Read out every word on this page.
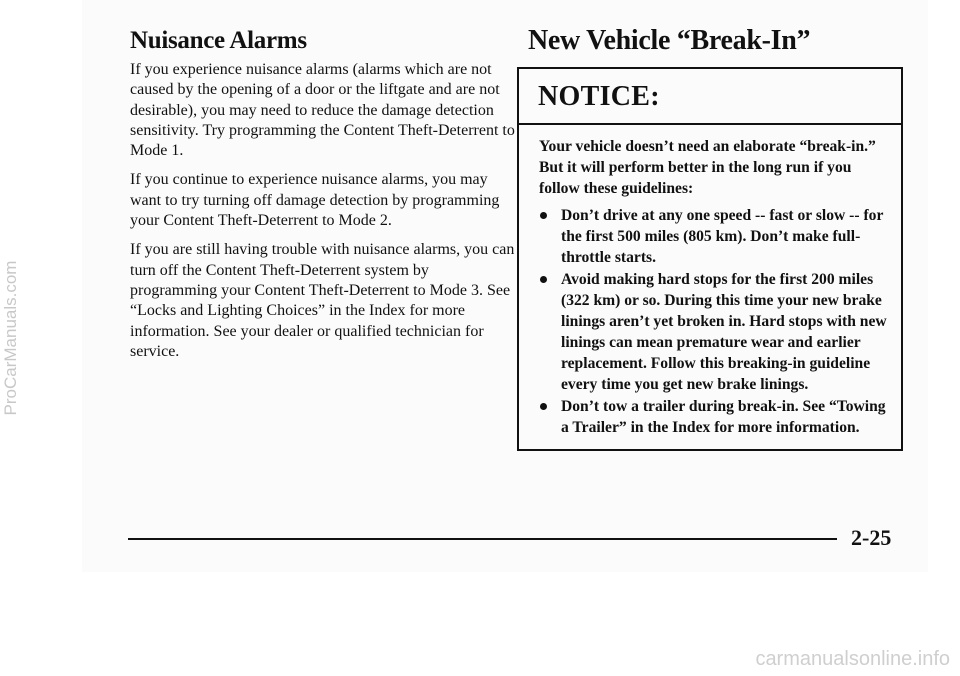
ProCarManuals.com
Nuisance Alarms	New Vehicle “Break-In”

If you experience nuisance alarms (alarms which are not caused by the opening of a door or the liftgate and are not desirable), you may need to reduce the damage detection sensitivity. Try programming the Content Theft-Deterrent to Mode 1.

If you continue to experience nuisance alarms, you may want to try turning off damage detection by programming your Content Theft-Deterrent to Mode 2.

If you are still having trouble with nuisance alarms, you can turn off the Content Theft-Deterrent system by programming your Content Theft-Deterrent to Mode 3. See “Locks and Lighting Choices” in the Index for more information. See your dealer or qualified technician for service.

NOTICE:

Your vehicle doesn’t need an elaborate “break-in.” But it will perform better in the long run if you follow these guidelines:

Don’t drive at any one speed -- fast or slow -- for the first 500 miles (805 km). Don’t make full-throttle starts.
Avoid making hard stops for the first 200 miles (322 km) or so. During this time your new brake linings aren’t yet broken in. Hard stops with new linings can mean premature wear and earlier replacement. Follow this breaking-in guideline every time you get new brake linings.
Don’t tow a trailer during break-in. See “Towing a Trailer” in the Index for more information.
2-25
carmanualsonline.info
